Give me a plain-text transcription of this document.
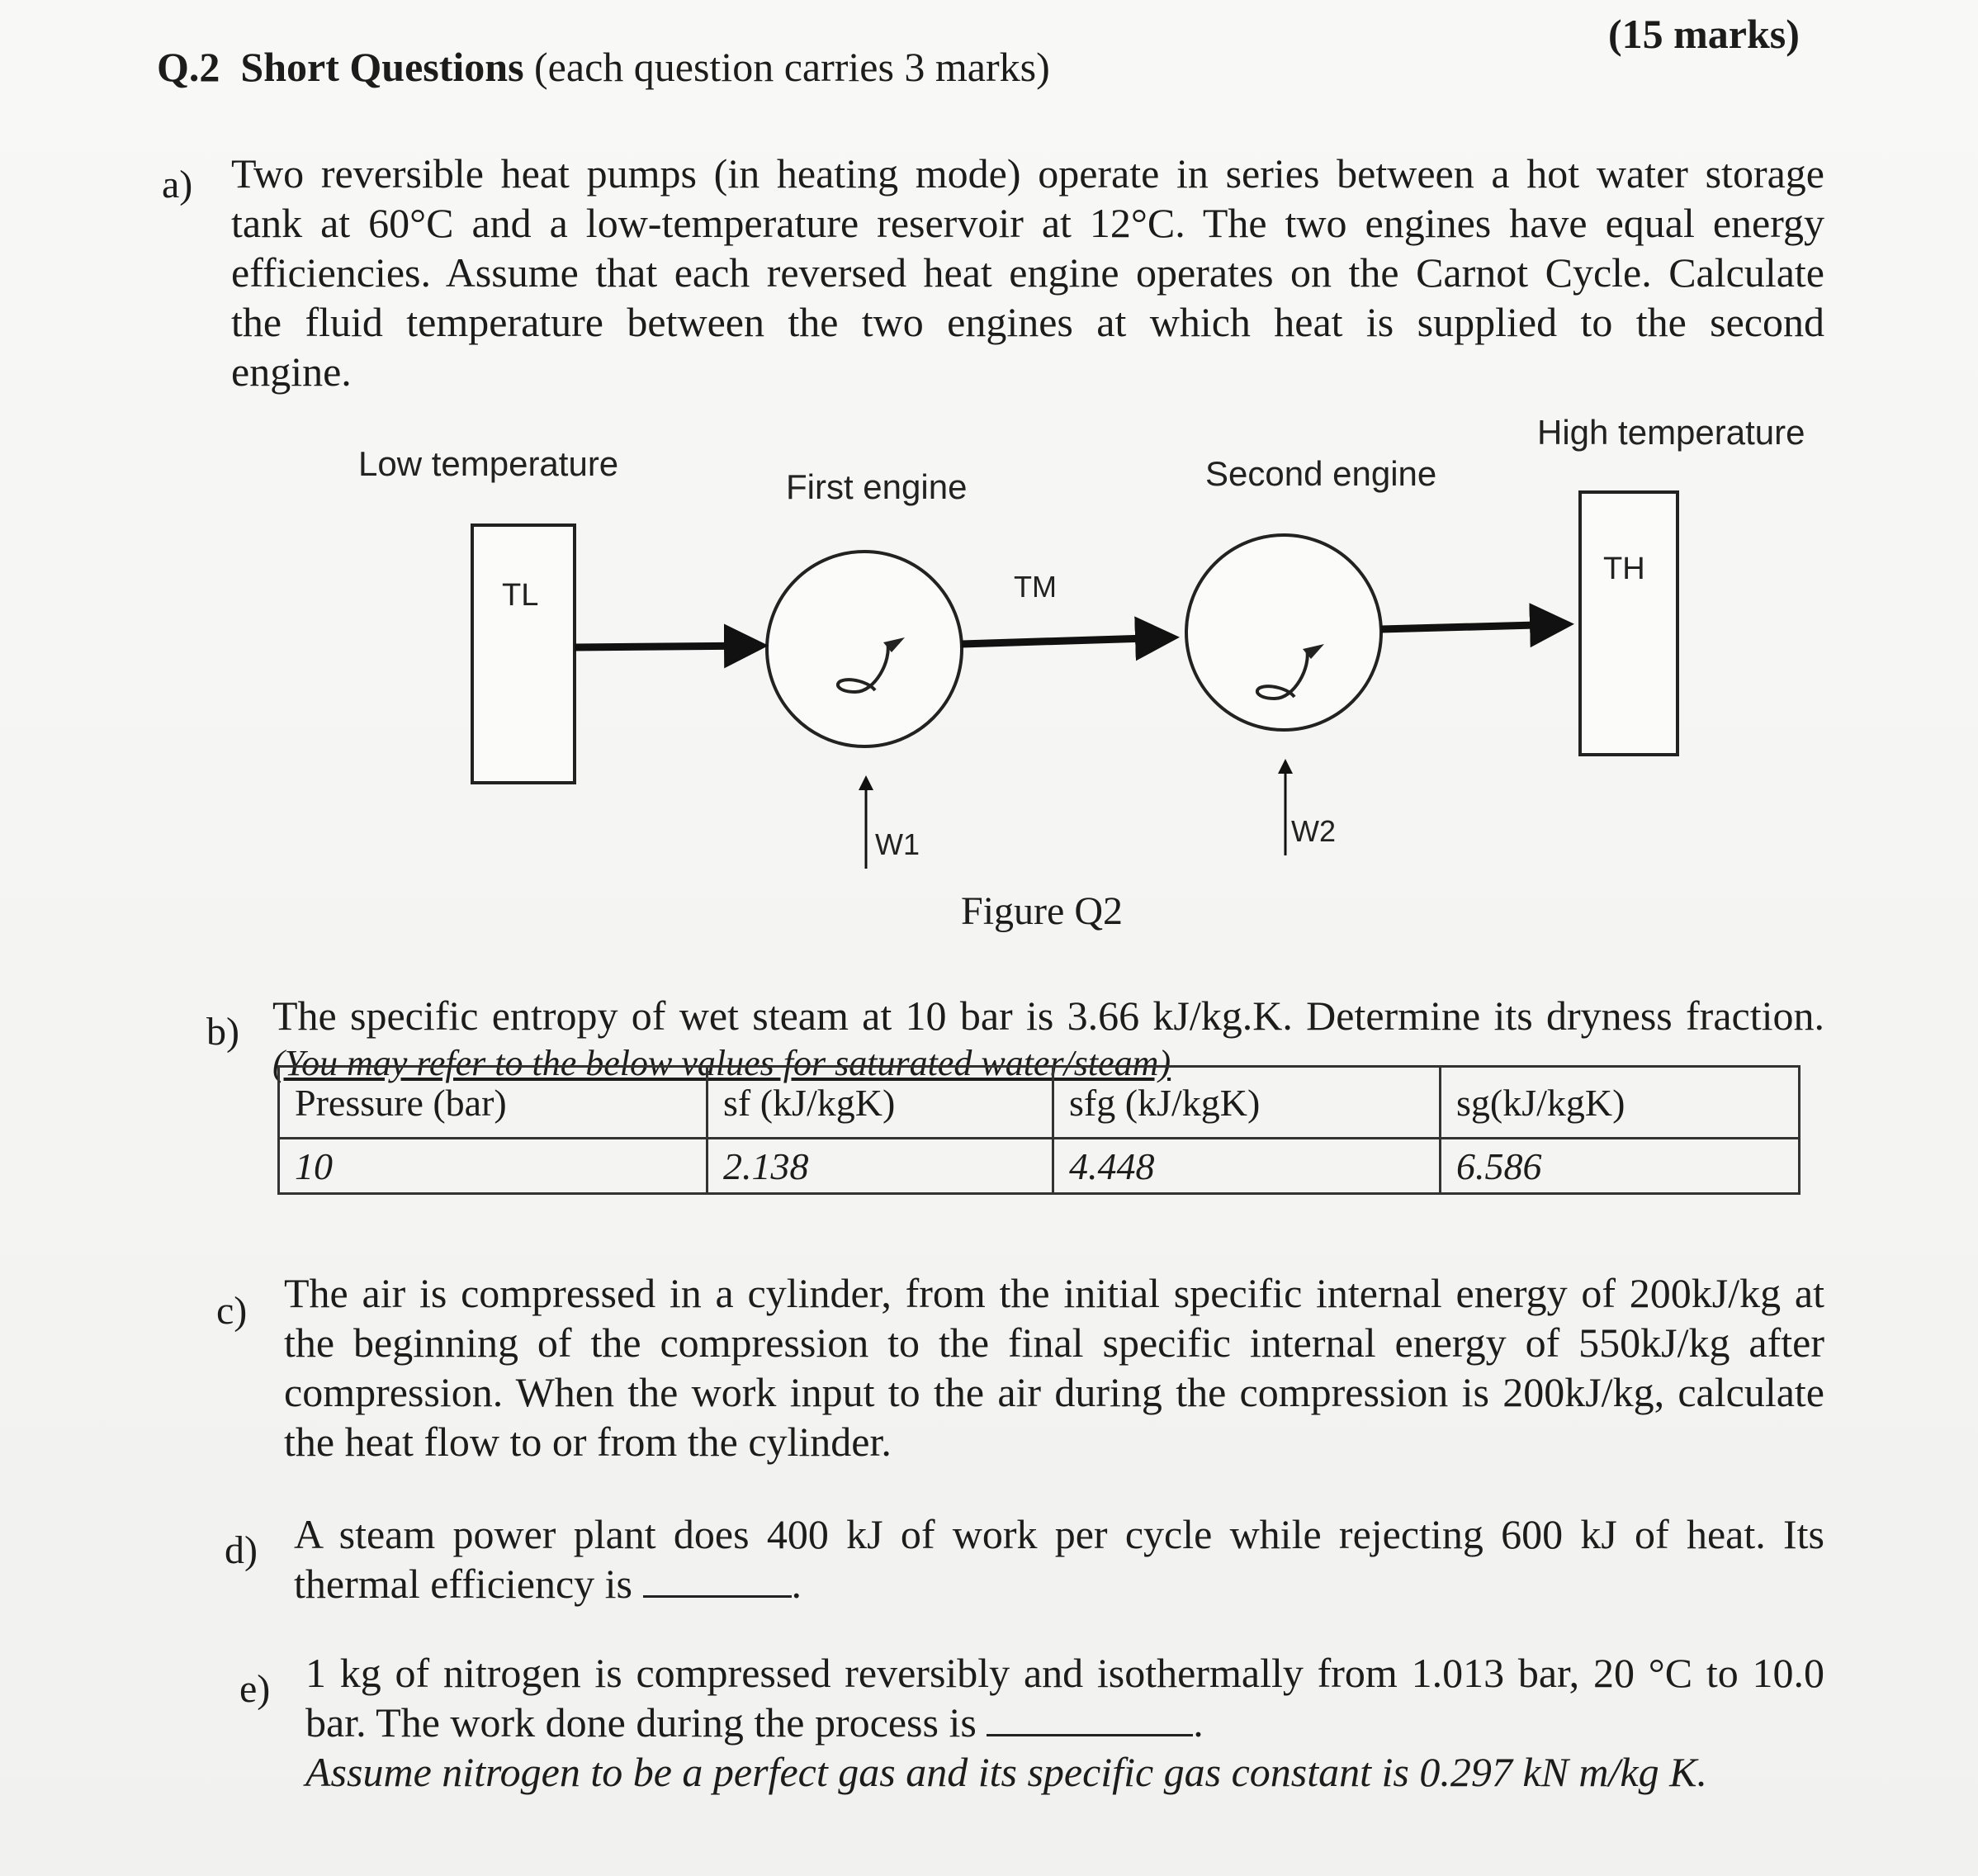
Q.2 Short Questions (each question carries 3 marks)
(15 marks)
a) Two reversible heat pumps (in heating mode) operate in series between a hot water storage
tank at 60°C and a low-temperature reservoir at 12°C. The two engines have equal energy
efficiencies. Assume that each reversed heat engine operates on the Carnot Cycle. Calculate
the fluid temperature between the two engines at which heat is supplied to the second
engine.
Low temperature
First engine	Second engine
High temperature
TL
TH
TM
W1	W2
Figure Q2
b) The specific entropy of wet steam at 10 bar is 3.66 kJ/kg.K. Determine its dryness fraction.
(You may refer to the below values for saturated water/steam)
Pressure (bar)	sf (kJ/kgK)	sfg (kJ/kgK)	sg(kJ/kgK)
10	2.138	4.448	6.586
c) The air is compressed in a cylinder, from the initial specific internal energy of 200kJ/kg at
the beginning of the compression to the final specific internal energy of 550kJ/kg after
compression. When the work input to the air during the compression is 200kJ/kg, calculate
the heat flow to or from the cylinder.
d) A steam power plant does 400 kJ of work per cycle while rejecting 600 kJ of heat. Its
thermal efficiency is	.
e) 1 kg of nitrogen is compressed reversibly and isothermally from 1.013 bar, 20 °C to 10.0
bar. The work done during the process is	.
Assume nitrogen to be a perfect gas and its specific gas constant is 0.297 kN m/kg K.
